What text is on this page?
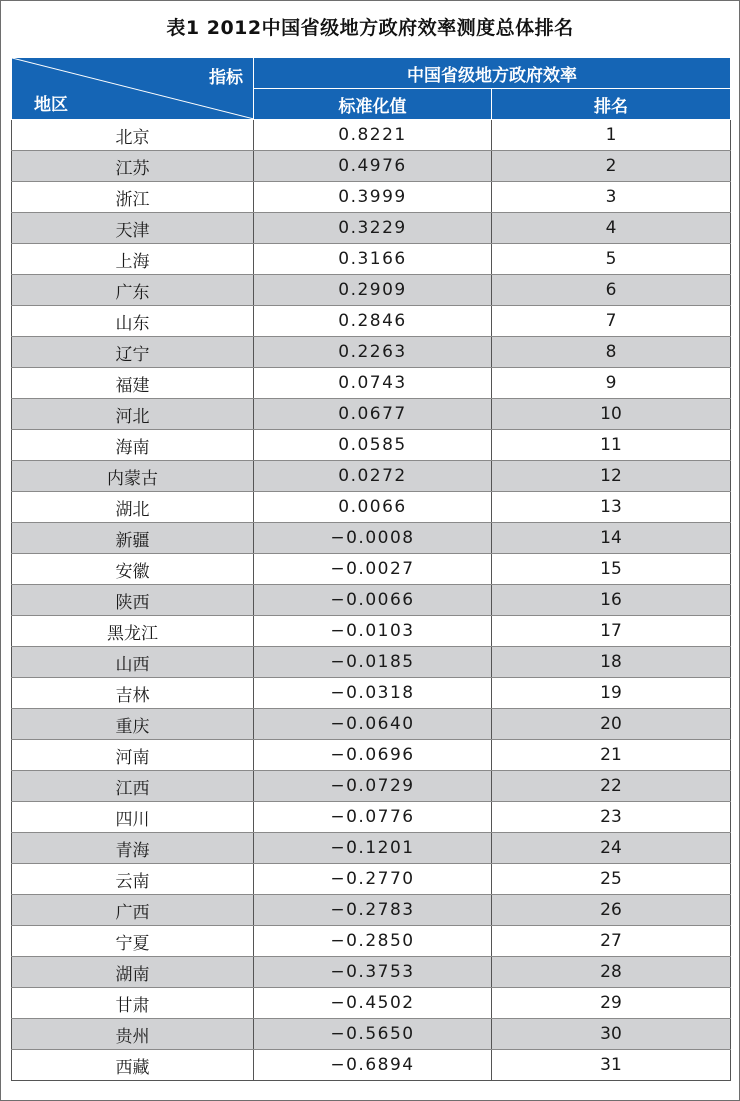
表1 2012中国省级地方政府效率测度总体排名
指标
地区	中国省级地方政府效率	
	标准化值	排名
北京	0.8221	1
江苏	0.4976	2
浙江	0.3999	3
天津	0.3229	4
上海	0.3166	5
广东	0.2909	6
山东	0.2846	7
辽宁	0.2263	8
福建	0.0743	9
河北	0.0677	10
海南	0.0585	11
内蒙古	0.0272	12
湖北	0.0066	13
新疆	−0.0008	14
安徽	−0.0027	15
陕西	−0.0066	16
黑龙江	−0.0103	17
山西	−0.0185	18
吉林	−0.0318	19
重庆	−0.0640	20
河南	−0.0696	21
江西	−0.0729	22
四川	−0.0776	23
青海	−0.1201	24
云南	−0.2770	25
广西	−0.2783	26
宁夏	−0.2850	27
湖南	−0.3753	28
甘肃	−0.4502	29
贵州	−0.5650	30
西藏	−0.6894	31
